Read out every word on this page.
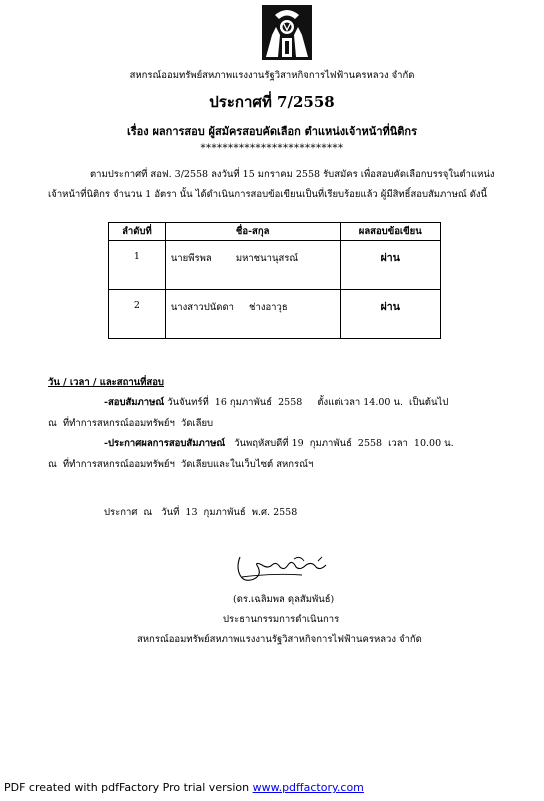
สหกรณ์ออมทรัพย์สหภาพแรงงานรัฐวิสาหกิจการไฟฟ้านครหลวง จำกัด
ประกาศที่ 7/2558
เรื่อง ผลการสอบ ผู้สมัครสอบคัดเลือก ตำแหน่งเจ้าหน้าที่นิติกร
**************************
ตามประกาศที่ สอฟ. 3/2558 ลงวันที่ 15 มกราคม 2558 รับสมัคร เพื่อสอบคัดเลือกบรรจุในตำแหน่ง
เจ้าหน้าที่นิติกร จำนวน 1 อัตรา นั้น ได้ดำเนินการสอบข้อเขียนเป็นที่เรียบร้อยแล้ว ผู้มีสิทธิ์สอบสัมภาษณ์ ดังนี้
ลำดับที่	ชื่อ-สกุล	ผลสอบข้อเขียน
1	นายพีรพล        มหาชนานุสรณ์	ผ่าน
2	นางสาวปนัดดา     ช่างอาวุธ	ผ่าน
วัน / เวลา / และสถานที่สอบ
-สอบสัมภาษณ์ วันจันทร์ที่  16 กุมภาพันธ์  2558     ตั้งแต่เวลา 14.00 น.  เป็นต้นไป
ณ  ที่ทำการสหกรณ์ออมทรัพย์ฯ  วัดเลียบ
-ประกาศผลการสอบสัมภาษณ์   วันพฤหัสบดีที่ 19  กุมภาพันธ์  2558  เวลา  10.00 น.
ณ  ที่ทำการสหกรณ์ออมทรัพย์ฯ  วัดเลียบและในเว็บไซต์ สหกรณ์ฯ
ประกาศ  ณ   วันที่  13  กุมภาพันธ์  พ.ศ. 2558
(ดร.เฉลิมพล ดุลสัมพันธ์)
ประธานกรรมการดำเนินการ
สหกรณ์ออมทรัพย์สหภาพแรงงานรัฐวิสาหกิจการไฟฟ้านครหลวง จำกัด
PDF created with pdfFactory Pro trial version www.pdffactory.com
